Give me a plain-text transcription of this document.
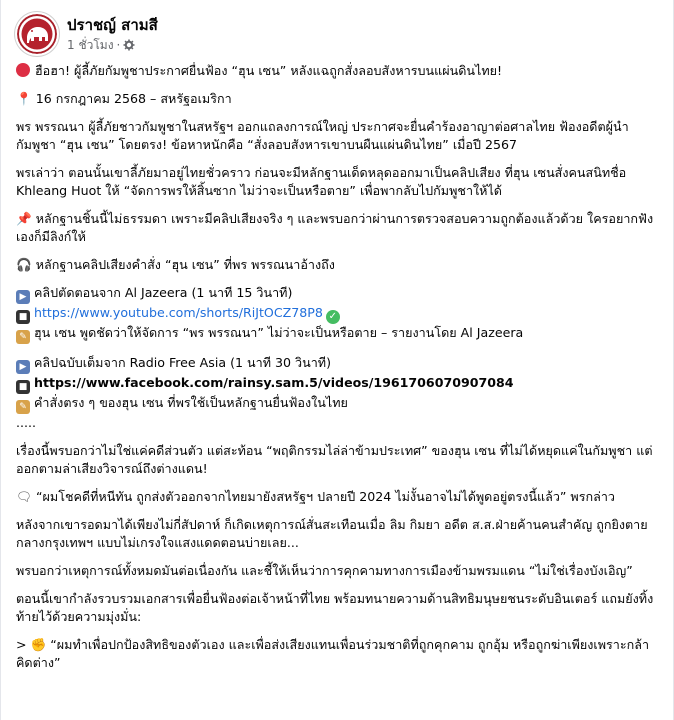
ปราชญ์ สามสี
1 ชั่วโมง ·

ฮือฮา! ผู้ลี้ภัยกัมพูชาประกาศยื่นฟ้อง “ฮุน เซน” หลังแฉถูกสั่งลอบสังหารบนแผ่นดินไทย!

📍 16 กรกฎาคม 2568 – สหรัฐอเมริกา

พร พรรณนา ผู้ลี้ภัยชาวกัมพูชาในสหรัฐฯ ออกแถลงการณ์ใหญ่ ประกาศจะยื่นคำร้องอาญาต่อศาลไทย ฟ้องอดีตผู้นำกัมพูชา “ฮุน เซน” โดยตรง! ข้อหาหนักคือ “สั่งลอบสังหารเขาบนผืนแผ่นดินไทย” เมื่อปี 2567

พรเล่าว่า ตอนนั้นเขาลี้ภัยมาอยู่ไทยชั่วคราว ก่อนจะมีหลักฐานเด็ดหลุดออกมาเป็นคลิปเสียง ที่ฮุน เซนสั่งคนสนิทชื่อ Khleang Huot ให้ “จัดการพรให้สิ้นซาก ไม่ว่าจะเป็นหรือตาย” เพื่อพากลับไปกัมพูชาให้ได้

📌 หลักฐานชิ้นนี้ไม่ธรรมดา เพราะมีคลิปเสียงจริง ๆ และพรบอกว่าผ่านการตรวจสอบความถูกต้องแล้วด้วย ใครอยากฟังเองก็มีลิงก์ให้

🎧 หลักฐานคลิปเสียงคำสั่ง “ฮุน เซน” ที่พร พรรณนาอ้างถึง

▶ คลิปตัดตอนจาก Al Jazeera (1 นาที 15 วินาที)
■ https://www.youtube.com/shorts/RiJtOCZ78P8 ✓
✎ ฮุน เซน พูดชัดว่าให้จัดการ “พร พรรณนา” ไม่ว่าจะเป็นหรือตาย – รายงานโดย Al Jazeera
▶ คลิปฉบับเต็มจาก Radio Free Asia (1 นาที 30 วินาที)
■ https://www.facebook.com/rainsy.sam.5/videos/1961706070907084
✎ คำสั่งตรง ๆ ของฮุน เซน ที่พรใช้เป็นหลักฐานยื่นฟ้องในไทย

.....

เรื่องนี้พรบอกว่าไม่ใช่แค่คดีส่วนตัว แต่สะท้อน “พฤติกรรมไล่ล่าข้ามประเทศ” ของฮุน เซน ที่ไม่ได้หยุดแค่ในกัมพูชา แต่ออกตามล่าเสียงวิจารณ์ถึงต่างแดน!

🗨 “ผมโชคดีที่หนีทัน ถูกส่งตัวออกจากไทยมายังสหรัฐฯ ปลายปี 2024 ไม่งั้นอาจไม่ได้พูดอยู่ตรงนี้แล้ว” พรกล่าว

หลังจากเขารอดมาได้เพียงไม่กี่สัปดาห์ ก็เกิดเหตุการณ์สั่นสะเทือนเมื่อ ลิม กิมยา อดีต ส.ส.ฝ่ายค้านคนสำคัญ ถูกยิงตายกลางกรุงเทพฯ แบบไม่เกรงใจแสงแดดตอนบ่ายเลย...

พรบอกว่าเหตุการณ์ทั้งหมดมันต่อเนื่องกัน และชี้ให้เห็นว่าการคุกคามทางการเมืองข้ามพรมแดน “ไม่ใช่เรื่องบังเอิญ”

ตอนนี้เขากำลังรวบรวมเอกสารเพื่อยื่นฟ้องต่อเจ้าหน้าที่ไทย พร้อมทนายความด้านสิทธิมนุษยชนระดับอินเตอร์ แถมยังทิ้งท้ายไว้ด้วยความมุ่งมั่น:

> ✊ “ผมทำเพื่อปกป้องสิทธิของตัวเอง และเพื่อส่งเสียงแทนเพื่อนร่วมชาติที่ถูกคุกคาม ถูกอุ้ม หรือถูกฆ่าเพียงเพราะกล้าคิดต่าง”
